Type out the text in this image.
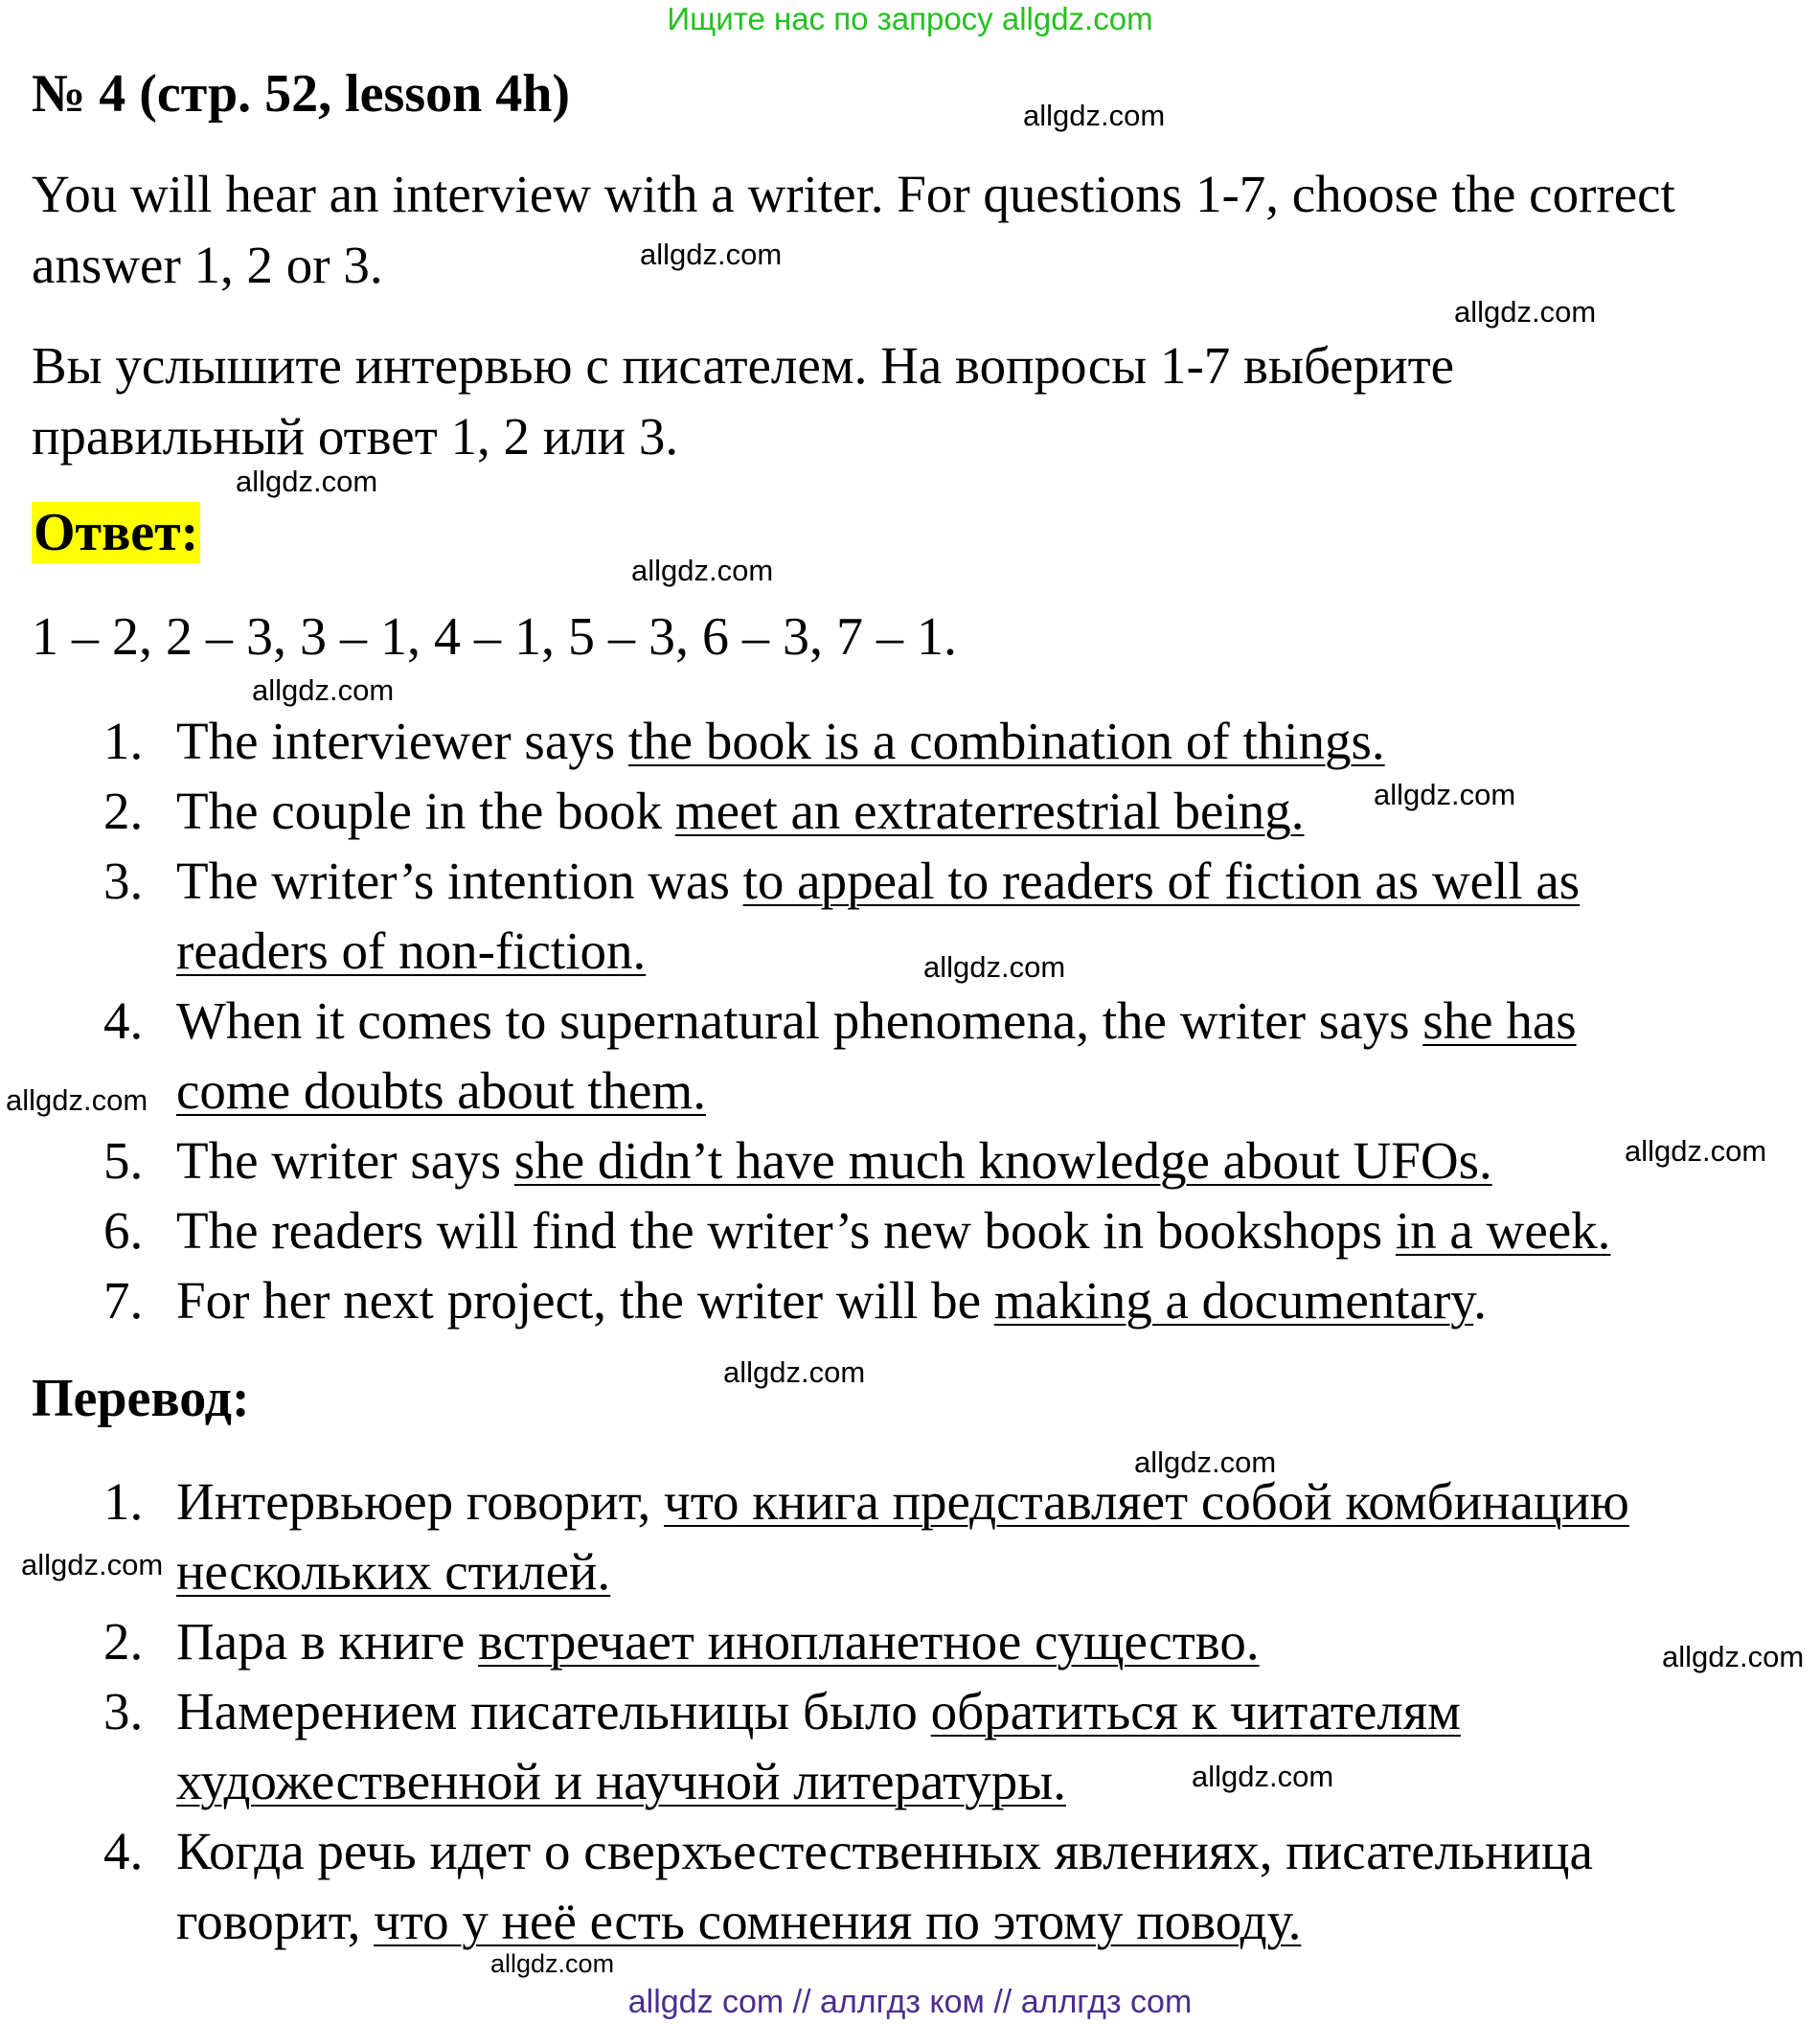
Ищите нас по запросу allgdz.com
№ 4 (стр. 52, lesson 4h)
You will hear an interview with a writer. For questions 1-7, choose the correct answer 1, 2 or 3.
Вы услышите интервью с писателем. На вопросы 1-7 выберите правильный ответ 1, 2 или 3.
Ответ:
1 – 2, 2 – 3, 3 – 1, 4 – 1, 5 – 3, 6 – 3, 7 – 1.
1. The interviewer says the book is a combination of things.
2. The couple in the book meet an extraterrestrial being.
3. The writer’s intention was to appeal to readers of fiction as well as readers of non-fiction.
4. When it comes to supernatural phenomena, the writer says she has come doubts about them.
5. The writer says she didn’t have much knowledge about UFOs.
6. The readers will find the writer’s new book in bookshops in a week.
7. For her next project, the writer will be making a documentary.
Перевод:
1. Интервьюер говорит, что книга представляет собой комбинацию нескольких стилей.
2. Пара в книге встречает инопланетное существо.
3. Намерением писательницы было обратиться к читателям художественной и научной литературы.
4. Когда речь идет о сверхъестественных явлениях, писательница говорит, что у неё есть сомнения по этому поводу.
allgdz.com
allgdz.com
allgdz.com
allgdz.com
allgdz.com
allgdz.com
allgdz.com
allgdz.com
allgdz.com
allgdz.com
allgdz.com
allgdz.com
allgdz.com
allgdz.com
allgdz.com
allgdz.com
allgdz com // аллгдз ком // аллгдз com
